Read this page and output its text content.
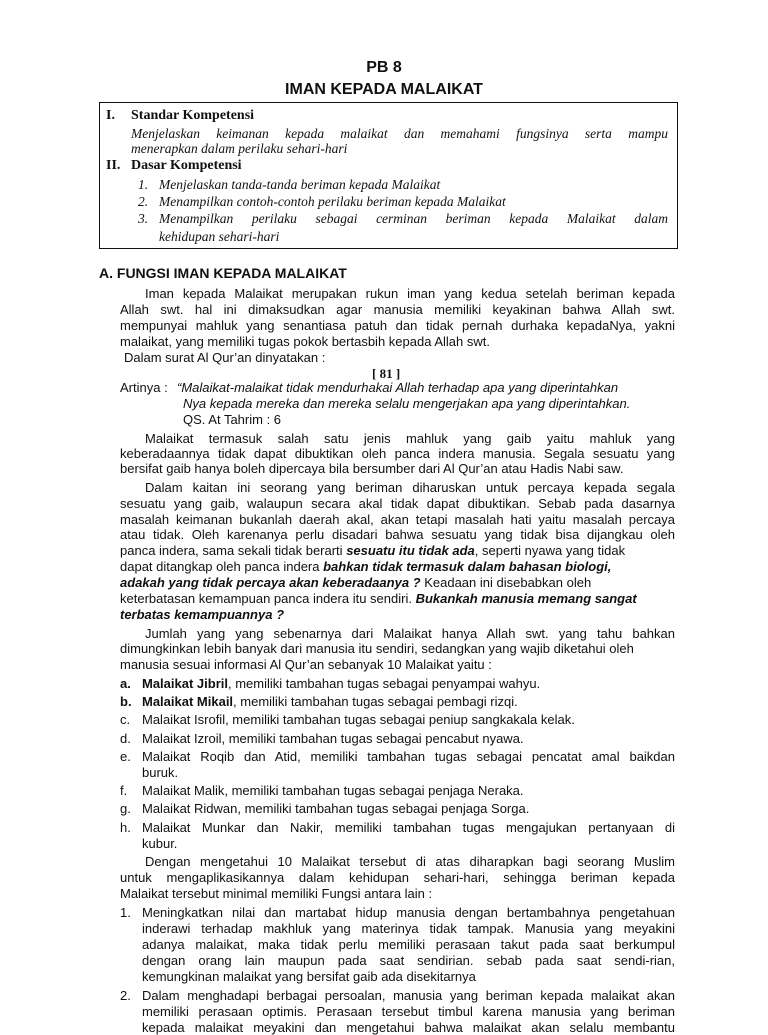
PB 8
IMAN KEPADA MALAIKAT
I. Standar Kompetensi
Menjelaskan keimanan kepada malaikat dan memahami fungsinya serta mampu
menerapkan dalam perilaku sehari-hari
II. Dasar Kompetensi
1. Menjelaskan tanda-tanda beriman kepada Malaikat
2. Menampilkan contoh-contoh perilaku beriman kepada Malaikat
3. Menampilkan perilaku sebagai cerminan beriman kepada Malaikat dalam
kehidupan sehari-hari
A. FUNGSI IMAN KEPADA MALAIKAT
Iman kepada Malaikat merupakan rukun iman yang kedua setelah beriman kepada
Allah swt. hal ini dimaksudkan agar manusia memiliki keyakinan bahwa Allah swt.
mempunyai mahluk yang senantiasa patuh dan tidak pernah durhaka kepadaNya, yakni
malaikat, yang memiliki tugas pokok bertasbih kepada Allah swt.
Dalam surat Al Qur’an dinyatakan :
[ 81 ]
Artinya : “Malaikat-malaikat tidak mendurhakai Allah terhadap apa yang diperintahkan
Nya kepada mereka dan mereka selalu mengerjakan apa yang diperintahkan.
QS. At Tahrim : 6
Malaikat termasuk salah satu jenis mahluk yang gaib yaitu mahluk yang
keberadaannya tidak dapat dibuktikan oleh panca indera manusia. Segala sesuatu yang
bersifat gaib hanya boleh dipercaya bila bersumber dari Al Qur’an atau Hadis Nabi saw.
Dalam kaitan ini seorang yang beriman diharuskan untuk percaya kepada segala
sesuatu yang gaib, walaupun secara akal tidak dapat dibuktikan. Sebab pada dasarnya
masalah keimanan bukanlah daerah akal, akan tetapi masalah hati yaitu masalah percaya
atau tidak. Oleh karenanya perlu disadari bahwa sesuatu yang tidak bisa dijangkau oleh
panca indera, sama sekali tidak berarti sesuatu itu tidak ada, seperti nyawa yang tidak
dapat ditangkap oleh panca indera bahkan tidak termasuk dalam bahasan biologi,
adakah yang tidak percaya akan keberadaanya ? Keadaan ini disebabkan oleh
keterbatasan kemampuan panca indera itu sendiri. Bukankah manusia memang sangat
terbatas kemampuannya ?
Jumlah yang yang sebenarnya dari Malaikat hanya Allah swt. yang tahu bahkan
dimungkinkan lebih banyak dari manusia itu sendiri, sedangkan yang wajib diketahui oleh
manusia sesuai informasi Al Qur’an sebanyak 10 Malaikat yaitu :
a. Malaikat Jibril, memiliki tambahan tugas sebagai penyampai wahyu.
b. Malaikat Mikail, memiliki tambahan tugas sebagai pembagi rizqi.
c. Malaikat Isrofil, memiliki tambahan tugas sebagai peniup sangkakala kelak.
d. Malaikat Izroil, memiliki tambahan tugas sebagai pencabut nyawa.
e. Malaikat Roqib dan Atid, memiliki tambahan tugas sebagai pencatat amal baikdan
buruk.
f. Malaikat Malik, memiliki tambahan tugas sebagai penjaga Neraka.
g. Malaikat Ridwan, memiliki tambahan tugas sebagai penjaga Sorga.
h. Malaikat Munkar dan Nakir, memiliki tambahan tugas mengajukan pertanyaan di
kubur.
Dengan mengetahui 10 Malaikat tersebut di atas diharapkan bagi seorang Muslim
untuk mengaplikasikannya dalam kehidupan sehari-hari, sehingga beriman kepada
Malaikat tersebut minimal memiliki Fungsi antara lain :
1. Meningkatkan nilai dan martabat hidup manusia dengan bertambahnya pengetahuan
inderawi terhadap makhluk yang materinya tidak tampak. Manusia yang meyakini
adanya malaikat, maka tidak perlu memiliki perasaan takut pada saat berkumpul
dengan orang lain maupun pada saat sendirian. sebab pada saat sendi-rian,
kemungkinan malaikat yang bersifat gaib ada disekitarnya
2. Dalam menghadapi berbagai persoalan, manusia yang beriman kepada malaikat akan
memiliki perasaan optimis. Perasaan tersebut timbul karena manusia yang beriman
kepada malaikat meyakini dan mengetahui bahwa malaikat akan selalu membantu
